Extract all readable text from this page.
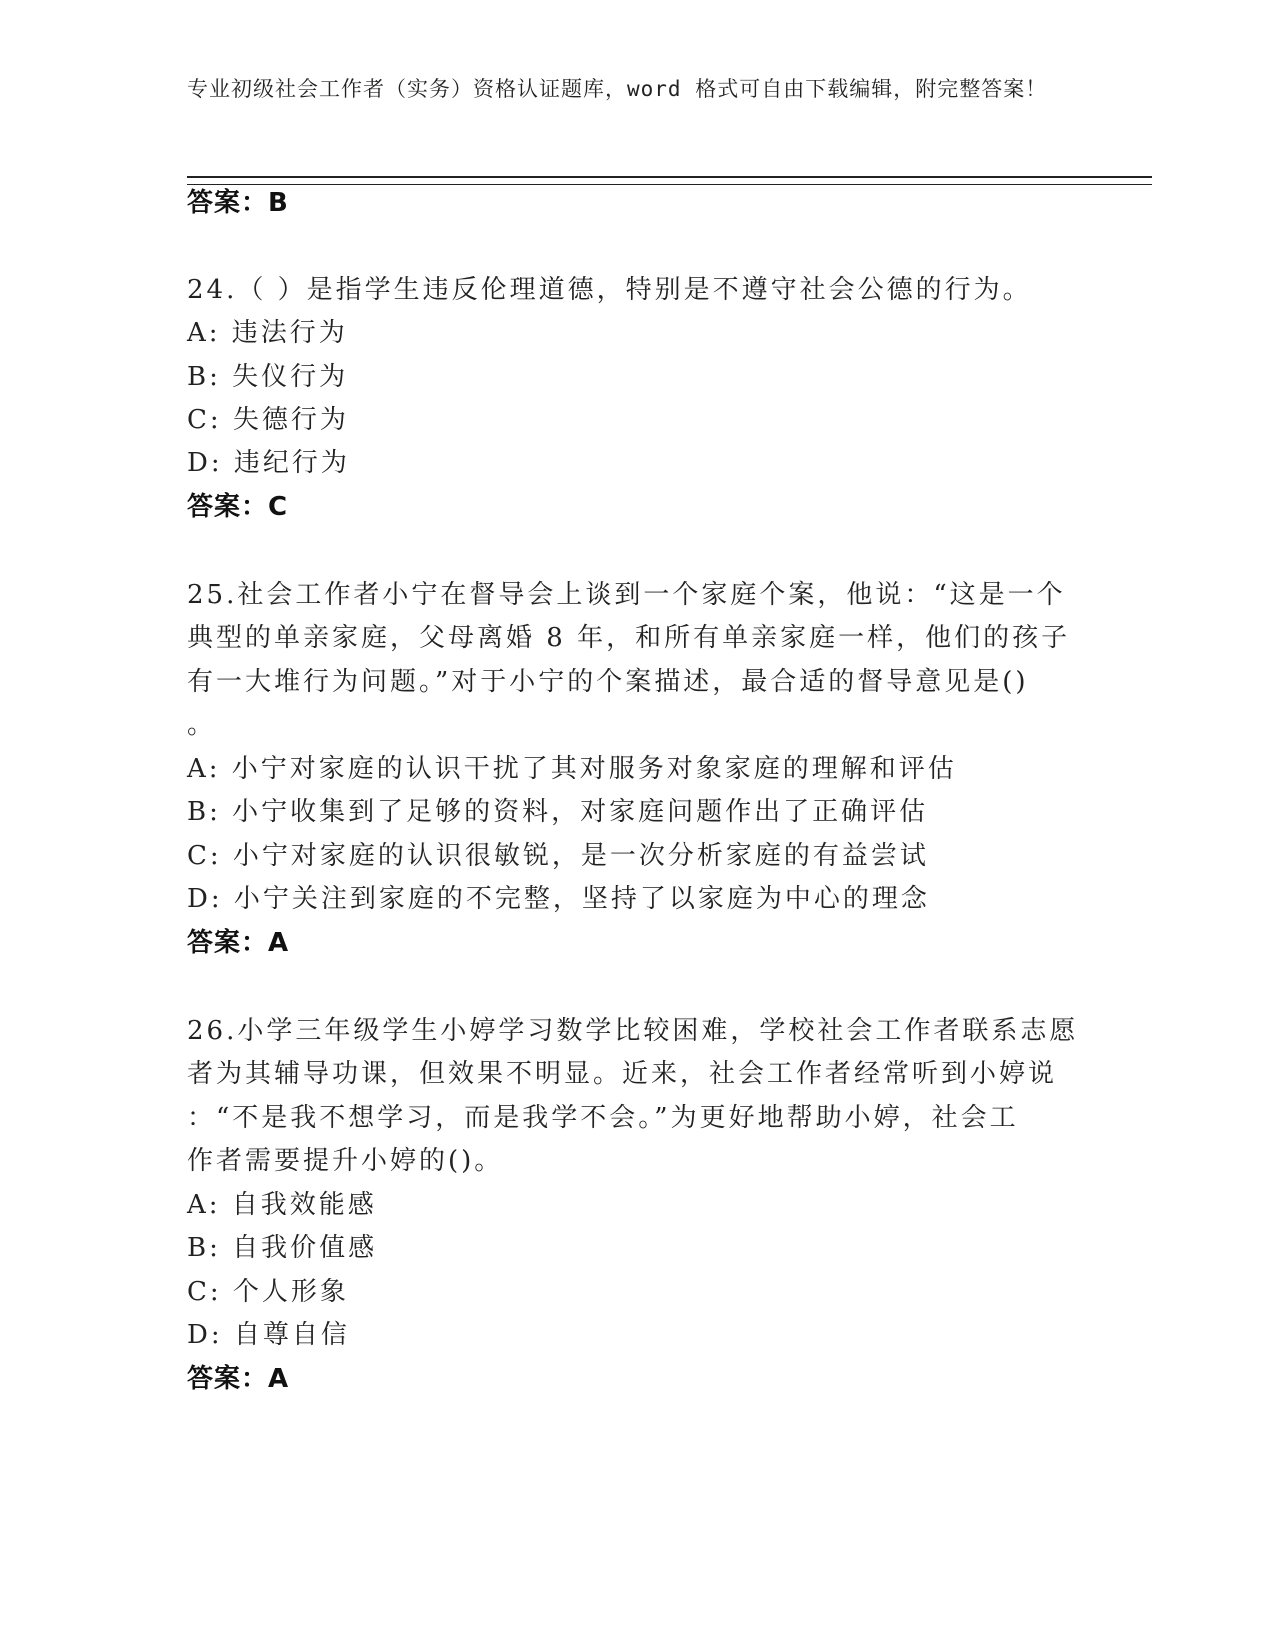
专业初级社会工作者（实务）资格认证题库，word 格式可自由下载编辑，附完整答案！
答案：B
24.（ ）是指学生违反伦理道德，特别是不遵守社会公德的行为。
A: 违法行为
B: 失仪行为
C: 失德行为
D: 违纪行为
答案：C
25.社会工作者小宁在督导会上谈到一个家庭个案，他说：“这是一个
典型的单亲家庭，父母离婚 8 年，和所有单亲家庭一样，他们的孩子
有一大堆行为问题。”对于小宁的个案描述，最合适的督导意见是()
。
A: 小宁对家庭的认识干扰了其对服务对象家庭的理解和评估
B: 小宁收集到了足够的资料，对家庭问题作出了正确评估
C: 小宁对家庭的认识很敏锐，是一次分析家庭的有益尝试
D: 小宁关注到家庭的不完整，坚持了以家庭为中心的理念
答案：A
26.小学三年级学生小婷学习数学比较困难，学校社会工作者联系志愿
者为其辅导功课，但效果不明显。近来，社会工作者经常听到小婷说
：“不是我不想学习，而是我学不会。”为更好地帮助小婷，社会工
作者需要提升小婷的()。
A: 自我效能感
B: 自我价值感
C: 个人形象
D: 自尊自信
答案：A
